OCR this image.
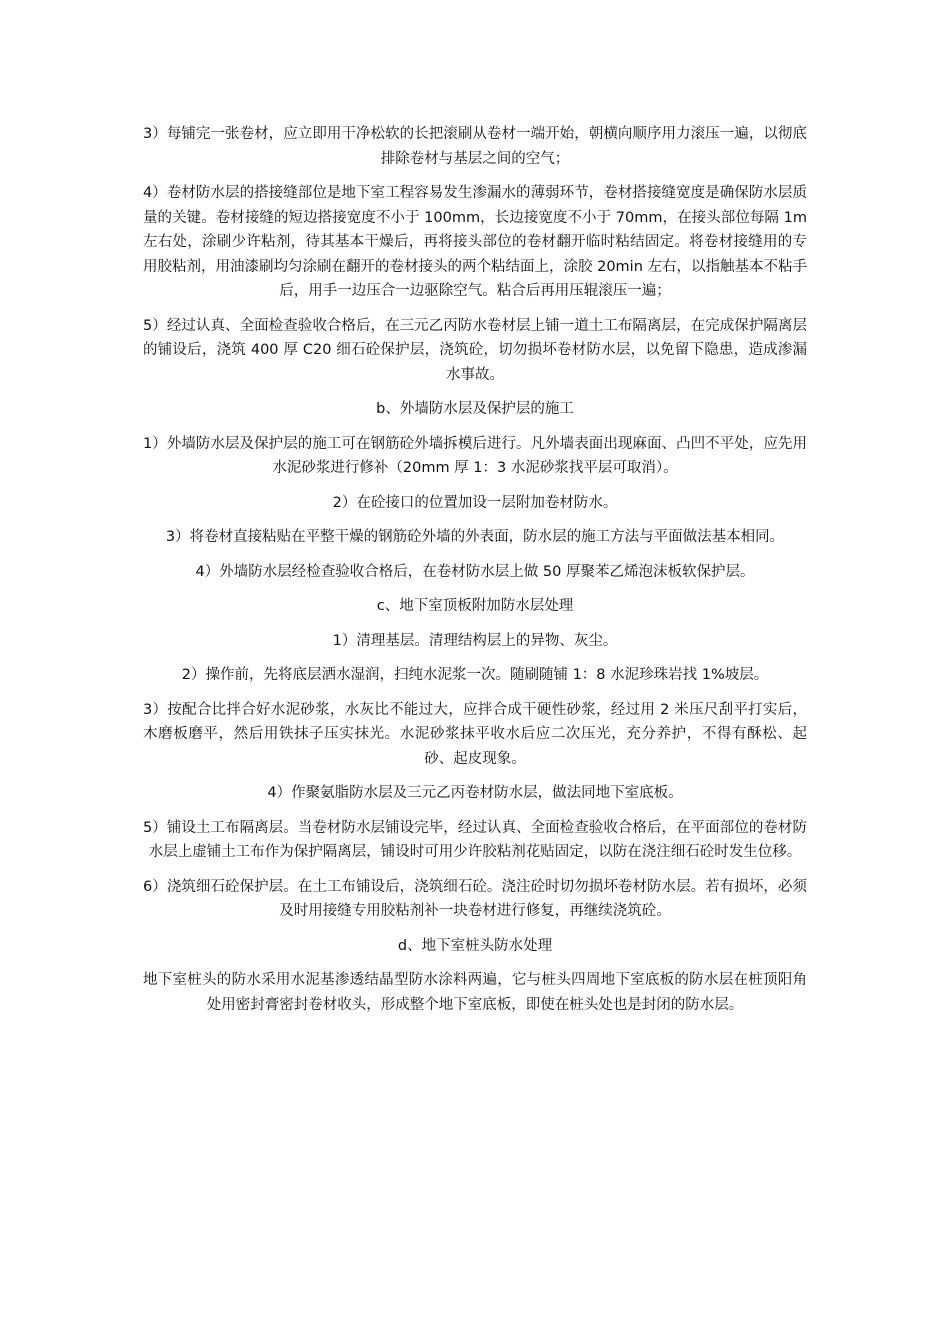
3）每铺完一张卷材，应立即用干净松软的长把滚刷从卷材一端开始，朝横向顺序用力滚压一遍，以彻底排除卷材与基层之间的空气；

4）卷材防水层的搭接缝部位是地下室工程容易发生渗漏水的薄弱环节，卷材搭接缝宽度是确保防水层质量的关键。卷材接缝的短边搭接宽度不小于 100mm，长边接宽度不小于 70mm，在接头部位每隔 1m 左右处，涂刷少许粘剂，待其基本干燥后，再将接头部位的卷材翻开临时粘结固定。将卷材接缝用的专用胶粘剂，用油漆刷均匀涂刷在翻开的卷材接头的两个粘结面上，涂胶 20min 左右，以指触基本不粘手后，用手一边压合一边驱除空气。粘合后再用压辊滚压一遍；

5）经过认真、全面检查验收合格后，在三元乙丙防水卷材层上铺一道土工布隔离层，在完成保护隔离层的铺设后，浇筑 400 厚 C20 细石砼保护层，浇筑砼，切勿损坏卷材防水层，以免留下隐患，造成渗漏水事故。

b、外墙防水层及保护层的施工

1）外墙防水层及保护层的施工可在钢筋砼外墙拆模后进行。凡外墙表面出现麻面、凸凹不平处，应先用水泥砂浆进行修补（20mm 厚 1：3 水泥砂浆找平层可取消）。

2）在砼接口的位置加设一层附加卷材防水。

3）将卷材直接粘贴在平整干燥的钢筋砼外墙的外表面，防水层的施工方法与平面做法基本相同。

4）外墙防水层经检查验收合格后，在卷材防水层上做 50 厚聚苯乙烯泡沫板软保护层。

c、地下室顶板附加防水层处理

1）清理基层。清理结构层上的异物、灰尘。

2）操作前，先将底层洒水湿润，扫纯水泥浆一次。随刷随铺 1：8 水泥珍珠岩找 1%坡层。

3）按配合比拌合好水泥砂浆，水灰比不能过大，应拌合成干硬性砂浆，经过用 2 米压尺刮平打实后，木磨板磨平，然后用铁抹子压实抹光。水泥砂浆抹平收水后应二次压光，充分养护，不得有酥松、起砂、起皮现象。

4）作聚氨脂防水层及三元乙丙卷材防水层，做法同地下室底板。

5）铺设土工布隔离层。当卷材防水层铺设完毕，经过认真、全面检查验收合格后，在平面部位的卷材防水层上虚铺土工布作为保护隔离层，铺设时可用少许胶粘剂花贴固定，以防在浇注细石砼时发生位移。

6）浇筑细石砼保护层。在土工布铺设后，浇筑细石砼。浇注砼时切勿损坏卷材防水层。若有损坏，必须及时用接缝专用胶粘剂补一块卷材进行修复，再继续浇筑砼。

d、地下室桩头防水处理

地下室桩头的防水采用水泥基渗透结晶型防水涂料两遍，它与桩头四周地下室底板的防水层在桩顶阳角处用密封膏密封卷材收头，形成整个地下室底板，即使在桩头处也是封闭的防水层。
